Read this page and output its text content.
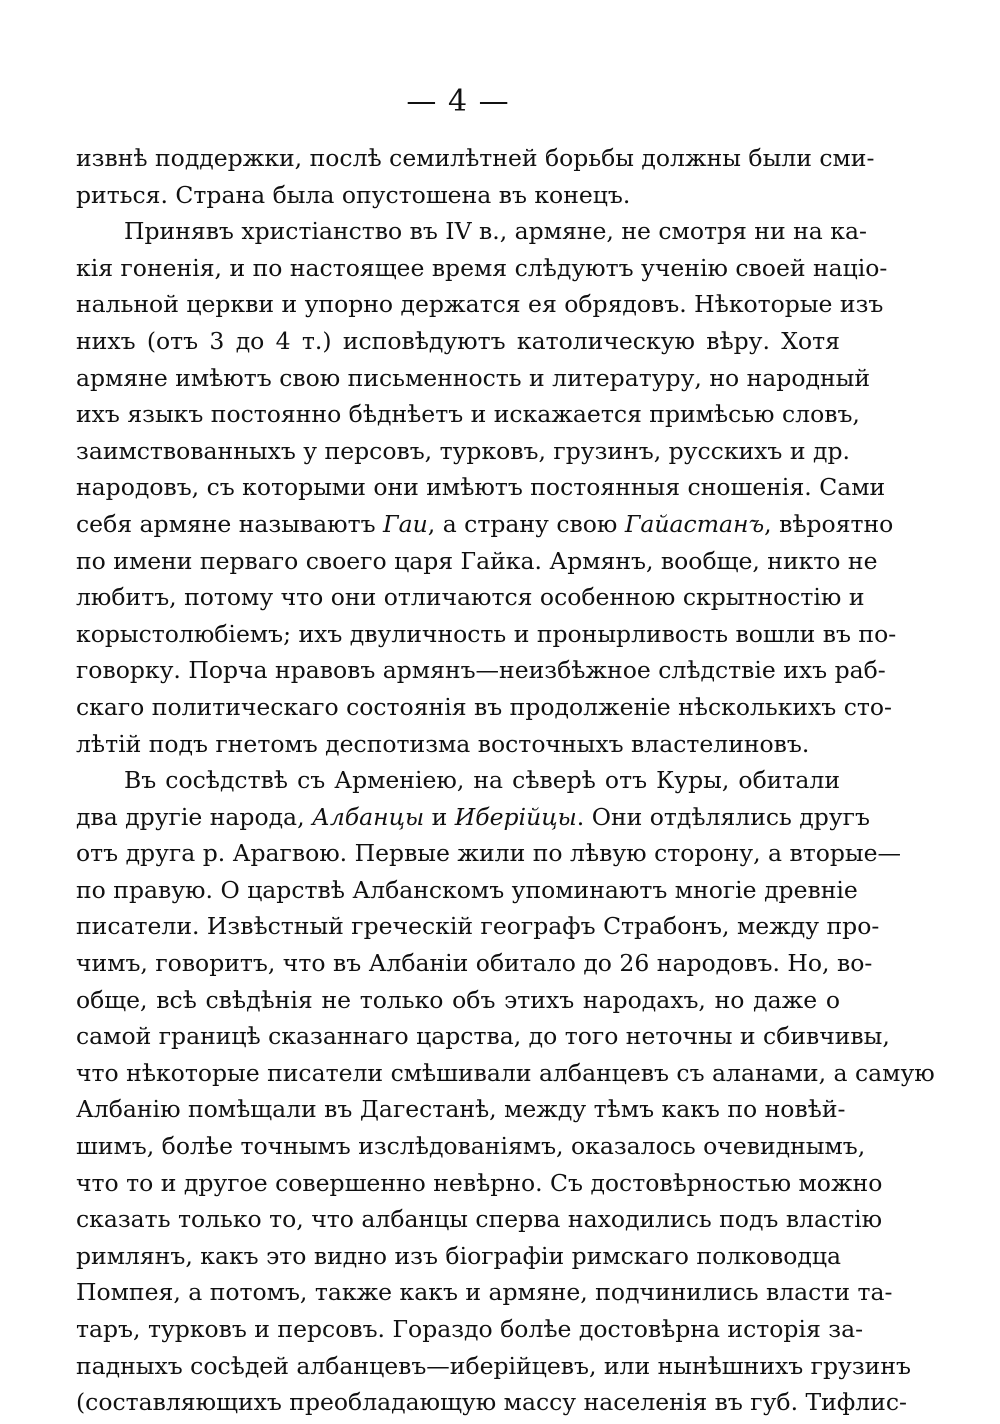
— 4 —
извнѣ поддержки, послѣ семилѣтней борьбы должны были сми-
риться. Страна была опустошена въ конецъ.
Принявъ христіанство въ IV в., армяне, не смотря ни на ка-
кія гоненія, и по настоящее время слѣдуютъ ученію своей націо-
нальной церкви и упорно держатся ея обрядовъ. Нѣкоторые изъ
нихъ (отъ 3 до 4 т.) исповѣдуютъ католическую вѣру. Хотя
армяне имѣютъ свою письменность и литературу, но народный
ихъ языкъ постоянно бѣднѣетъ и искажается примѣсью словъ,
заимствованныхъ у персовъ, турковъ, грузинъ, русскихъ и др.
народовъ, съ которыми они имѣютъ постоянныя сношенія. Сами
себя армяне называютъ Гаи, а страну свою Гайастанъ, вѣроятно
по имени перваго своего царя Гайка. Армянъ, вообще, никто не
любитъ, потому что они отличаются особенною скрытностію и
корыстолюбіемъ; ихъ двуличность и пронырливость вошли въ по-
говорку. Порча нравовъ армянъ—неизбѣжное слѣдствіе ихъ раб-
скаго политическаго состоянія въ продолженіе нѣсколькихъ сто-
лѣтій подъ гнетомъ деспотизма восточныхъ властелиновъ.
Въ сосѣдствѣ съ Арменіею, на сѣверѣ отъ Куры, обитали
два другіе народа, Албанцы и Иберійцы. Они отдѣлялись другъ
отъ друга р. Арагвою. Первые жили по лѣвую сторону, а вторые—
по правую. О царствѣ Албанскомъ упоминаютъ многіе древніе
писатели. Извѣстный греческій географъ Страбонъ, между про-
чимъ, говоритъ, что въ Албаніи обитало до 26 народовъ. Но, во-
обще, всѣ свѣдѣнія не только объ этихъ народахъ, но даже о
самой границѣ сказаннаго царства, до того неточны и сбивчивы,
что нѣкоторые писатели смѣшивали албанцевъ съ аланами, а самую
Албанію помѣщали въ Дагестанѣ, между тѣмъ какъ по новѣй-
шимъ, болѣе точнымъ изслѣдованіямъ, оказалось очевиднымъ,
что то и другое совершенно невѣрно. Съ достовѣрностью можно
сказать только то, что албанцы сперва находились подъ властію
римлянъ, какъ это видно изъ біографіи римскаго полководца
Помпея, а потомъ, также какъ и армяне, подчинились власти та-
таръ, турковъ и персовъ. Гораздо болѣе достовѣрна исторія за-
падныхъ сосѣдей албанцевъ—иберійцевъ, или нынѣшнихъ грузинъ
(составляющихъ преобладающую массу населенія въ губ. Тифлис-
